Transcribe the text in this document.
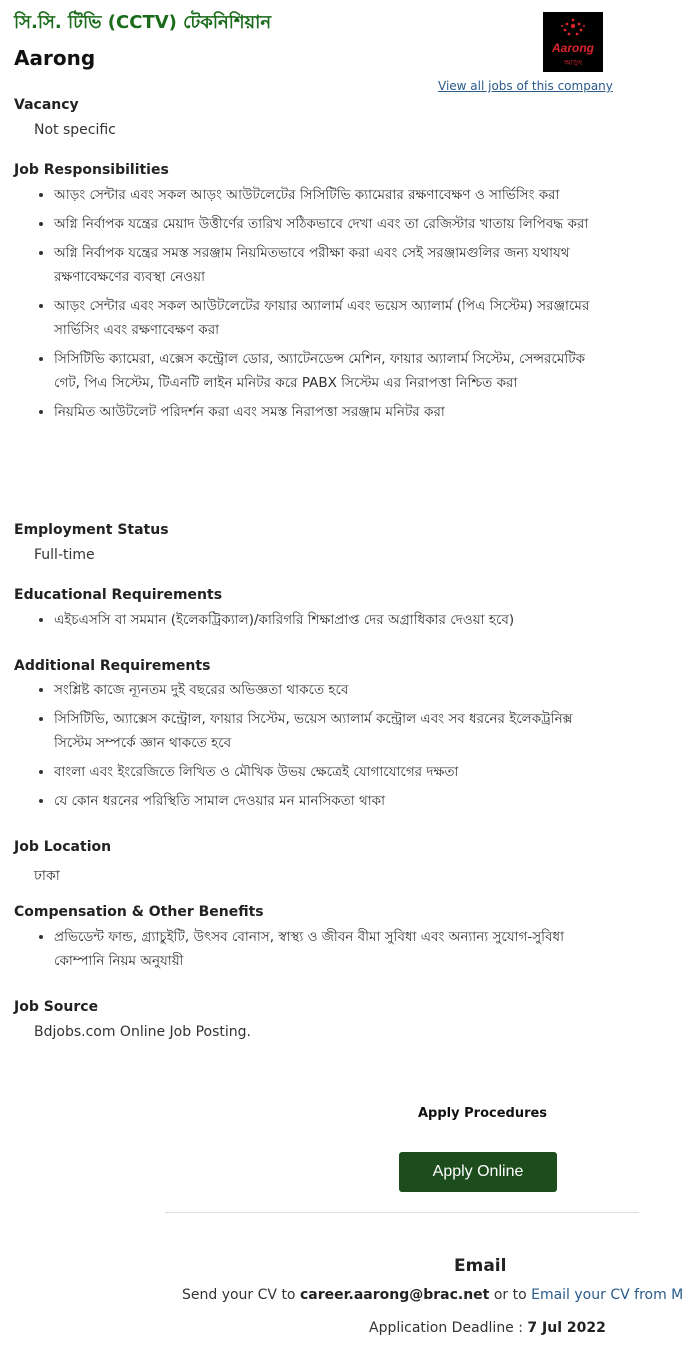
সি.সি. টিভি (CCTV) টেকনিশিয়ান
Aarong	Aarong
আড়ং
View all jobs of this company
Vacancy
Not specific
Job Responsibilities
• আড়ং সেন্টার এবং সকল আড়ং আউটলেটের সিসিটিভি ক্যামেরার রক্ষণাবেক্ষণ ও সার্ভিসিং করা
• অগ্নি নির্বাপক যন্ত্রের মেয়াদ উত্তীর্ণের তারিখ সঠিকভাবে দেখা এবং তা রেজিস্টার খাতায় লিপিবদ্ধ করা
• অগ্নি নির্বাপক যন্ত্রের সমস্ত সরঞ্জাম নিয়মিতভাবে পরীক্ষা করা এবং সেই সরঞ্জামগুলির জন্য যথাযথ রক্ষণাবেক্ষণের ব্যবস্থা নেওয়া
• আড়ং সেন্টার এবং সকল আউটলেটের ফায়ার অ্যালার্ম এবং ভয়েস অ্যালার্ম (পিএ সিস্টেম) সরঞ্জামের সার্ভিসিং এবং রক্ষণাবেক্ষণ করা
• সিসিটিভি ক্যামেরা, এক্সেস কন্ট্রোল ডোর, অ্যাটেনডেন্স মেশিন, ফায়ার অ্যালার্ম সিস্টেম, সেন্সরমেটিক গেট, পিএ সিস্টেম, টিএনটি লাইন মনিটর করে PABX সিস্টেম এর নিরাপত্তা নিশ্চিত করা
• নিয়মিত আউটলেট পরিদর্শন করা এবং সমস্ত নিরাপত্তা সরঞ্জাম মনিটর করা
Employment Status
Full-time
Educational Requirements
• এইচএসসি বা সমমান (ইলেকট্রিক্যাল)/কারিগরি শিক্ষাপ্রাপ্ত দের অগ্রাধিকার দেওয়া হবে)
Additional Requirements
• সংশ্লিষ্ট কাজে ন্যূনতম দুই বছরের অভিজ্ঞতা থাকতে হবে
• সিসিটিভি, অ্যাক্সেস কন্ট্রোল, ফায়ার সিস্টেম, ভয়েস অ্যালার্ম কন্ট্রোল এবং সব ধরনের ইলেকট্রনিক্স সিস্টেম সম্পর্কে জ্ঞান থাকতে হবে
• বাংলা এবং ইংরেজিতে লিখিত ও মৌখিক উভয় ক্ষেত্রেই যোগাযোগের দক্ষতা
• যে কোন ধরনের পরিস্থিতি সামাল দেওয়ার মন মানসিকতা থাকা
Job Location
ঢাকা
Compensation & Other Benefits
• প্রভিডেন্ট ফান্ড, গ্র্যাচুইটি, উৎসব বোনাস, স্বাস্থ্য ও জীবন বীমা সুবিধা এবং অন্যান্য সুযোগ-সুবিধা কোম্পানি নিয়ম অনুযায়ী
Job Source
Bdjobs.com Online Job Posting.
Apply Procedures
Apply Online
Email
Send your CV to career.aarong@brac.net or to Email your CV from M
Application Deadline : 7 Jul 2022
